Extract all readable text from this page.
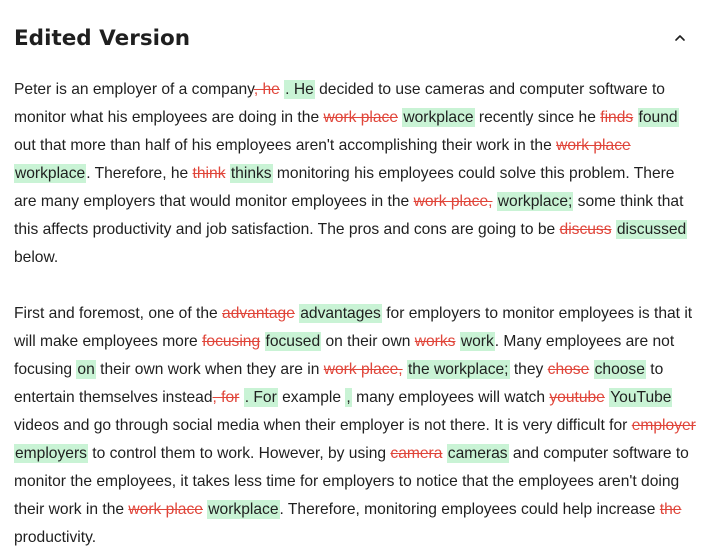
Edited Version

Peter is an employer of a company, he . He decided to use cameras and computer software to monitor what his employees are doing in the work place workplace recently since he finds found out that more than half of his employees aren't accomplishing their work in the work place workplace. Therefore, he think thinks monitoring his employees could solve this problem. There are many employers that would monitor employees in the work place, workplace; some think that this affects productivity and job satisfaction. The pros and cons are going to be discuss discussed below.

First and foremost, one of the advantage advantages for employers to monitor employees is that it will make employees more focusing focused on their own works work. Many employees are not focusing on their own work when they are in work place, the workplace; they chose choose to entertain themselves instead, for . For example , many employees will watch youtube YouTube videos and go through social media when their employer is not there. It is very difficult for employer employers to control them to work. However, by using camera cameras and computer software to monitor the employees, it takes less time for employers to notice that the employees aren't doing their work in the work place workplace. Therefore, monitoring employees could help increase the productivity.
